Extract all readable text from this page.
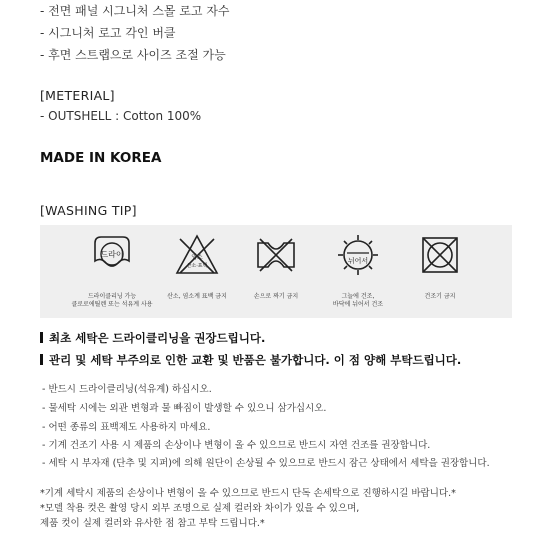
- 전면 패널 시그니처 스몰 로고 자수
- 시그니처 로고 각인 버클
- 후면 스트랩으로 사이즈 조절 가능
[METERIAL]
- OUTSHELL : Cotton 100%
MADE IN KOREA
[WASHING TIP]
드라이
드라이클리닝 가능
클로로에틸렌 또는 석유계 사용
염소
산소·표백
산소, 염소계 표백 금지	손으로 짜기 금지
뉘어서
그늘에 건조,
바닥에 뉘어서 건조
건조기 금지
최초 세탁은 드라이클리닝을 권장드립니다.
관리 및 세탁 부주의로 인한 교환 및 반품은 불가합니다. 이 점 양해 부탁드립니다.
- 반드시 드라이클리닝(석유계) 하십시오.
- 물세탁 시에는 외관 변형과 물 빠짐이 발생할 수 있으니 삼가십시오.
- 어떤 종류의 표백제도 사용하지 마세요.
- 기계 건조기 사용 시 제품의 손상이나 변형이 올 수 있으므로 반드시 자연 건조를 권장합니다.
- 세탁 시 부자재 (단추 및 지퍼)에 의해 원단이 손상될 수 있으므로 반드시 잠근 상태에서 세탁을 권장합니다.
*기계 세탁시 제품의 손상이나 변형이 올 수 있으므로 반드시 단독 손세탁으로 진행하시길 바랍니다.*
*모델 착용 컷은 촬영 당시 외부 조명으로 실제 컬러와 차이가 있을 수 있으며,
제품 컷이 실제 컬러와 유사한 점 참고 부탁 드립니다.*
